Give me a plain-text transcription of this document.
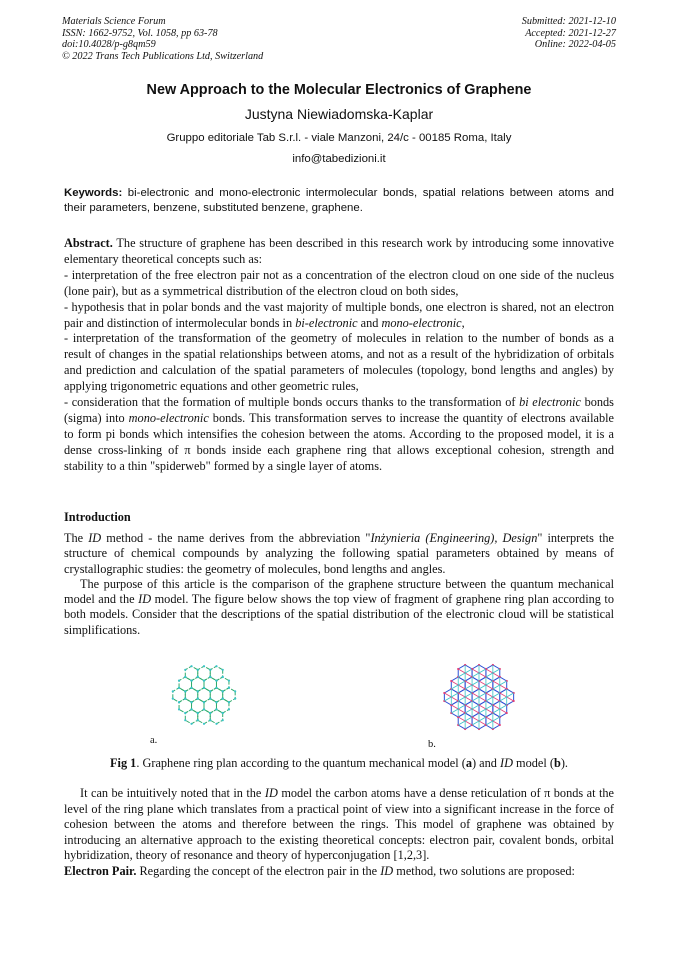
Materials Science Forum
ISSN: 1662-9752, Vol. 1058, pp 63-78
doi:10.4028/p-g8qm59
© 2022 Trans Tech Publications Ltd, Switzerland
Submitted: 2021-12-10
Accepted: 2021-12-27
Online: 2022-04-05
New Approach to the Molecular Electronics of Graphene
Justyna Niewiadomska-Kaplar
Gruppo editoriale Tab S.r.l. - viale Manzoni, 24/c - 00185 Roma, Italy
info@tabedizioni.it
Keywords: bi-electronic and mono-electronic intermolecular bonds, spatial relations between atoms and their parameters, benzene, substituted benzene, graphene.

Abstract. The structure of graphene has been described in this research work by introducing some innovative elementary theoretical concepts such as:

- interpretation of the free electron pair not as a concentration of the electron cloud on one side of the nucleus (lone pair), but as a symmetrical distribution of the electron cloud on both sides,

- hypothesis that in polar bonds and the vast majority of multiple bonds, one electron is shared, not an electron pair and distinction of intermolecular bonds in bi-electronic and mono-electronic,

- interpretation of the transformation of the geometry of molecules in relation to the number of bonds as a result of changes in the spatial relationships between atoms, and not as a result of the hybridization of orbitals and prediction and calculation of the spatial parameters of molecules (topology, bond lengths and angles) by applying trigonometric equations and other geometric rules,

- consideration that the formation of multiple bonds occurs thanks to the transformation of bi electronic bonds (sigma) into mono-electronic bonds. This transformation serves to increase the quantity of electrons available to form pi bonds which intensifies the cohesion between the atoms. According to the proposed model, it is a dense cross-linking of π bonds inside each graphene ring that allows exceptional cohesion, strength and stability to a thin "spiderweb" formed by a single layer of atoms.

Introduction

The ID method - the name derives from the abbreviation "Inżynieria (Engineering), Design" interprets the structure of chemical compounds by analyzing the following spatial parameters obtained by means of crystallographic studies: the geometry of molecules, bond lengths and angles.

The purpose of this article is the comparison of the graphene structure between the quantum mechanical model and the ID model. The figure below shows the top view of fragment of graphene ring plan according to both models. Consider that the descriptions of the spatial distribution of the electronic cloud will be statistical simplifications.

a.	b.
Fig 1. Graphene ring plan according to the quantum mechanical model (a) and ID model (b).

It can be intuitively noted that in the ID model the carbon atoms have a dense reticulation of π bonds at the level of the ring plane which translates from a practical point of view into a significant increase in the force of cohesion between the atoms and therefore between the rings. This model of graphene was obtained by introducing an alternative approach to the existing theoretical concepts: electron pair, covalent bonds, orbital hybridization, theory of resonance and theory of hyperconjugation [1,2,3].

Electron Pair. Regarding the concept of the electron pair in the ID method, two solutions are proposed:
